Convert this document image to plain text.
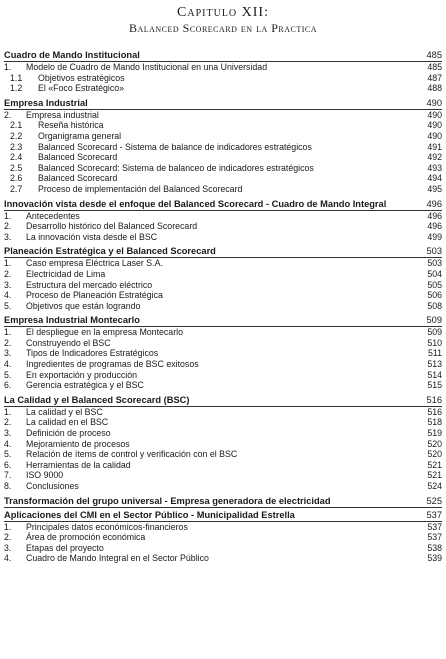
Capitulo XII:
Balanced Scorecard en la Practica
Cuadro de Mando Institucional	485
1.	Modelo de Cuadro de Mando Institucional en una Universidad	485
1.1	Objetivos estratégicos	487
1.2	El «Foco Estratégico»	488
Empresa Industrial	490
2.	Empresa industrial	490
2.1	Reseña histórica	490
2.2	Organigrama general	490
2.3	Balanced Scorecard - Sistema de balance de indicadores estratégicos	491
2.4	Balanced Scorecard	492
2.5	Balanced Scorecard: Sistema de balanceo de indicadores estratégicos	493
2.6	Balanced Scorecard	494
2.7	Proceso de implementación del Balanced Scorecard	495
Innovación vista desde el enfoque del Balanced Scorecard - Cuadro de Mando Integral	496
1.	Antecedentes	496
2.	Desarrollo histórico del Balanced Scorecard	496
3.	La innovación vista desde el BSC	499
Planeación Estratégica y el Balanced Scorecard	503
1.	Caso empresa Eléctrica Laser S.A.	503
2.	Electricidad de Lima	504
3.	Estructura del mercado eléctrico	505
4.	Proceso de Planeación Estratégica	506
5.	Objetivos que están logrando	508
Empresa Industrial Montecarlo	509
1.	El despliegue en la empresa Montecarlo	509
2.	Construyendo el BSC	510
3.	Tipos de Indicadores Estratégicos	511
4.	Ingredientes de programas de BSC exitosos	513
5.	En exportación y producción	514
6.	Gerencia estratégica y el BSC	515
La Calidad y el Balanced Scorecard (BSC)	516
1.	La calidad y el BSC	516
2.	La calidad en el BSC	518
3.	Definición de proceso	519
4.	Mejoramiento de procesos	520
5.	Relación de ítems de control y verificación con el BSC	520
6.	Herramientas de la calidad	521
7.	ISO 9000	521
8.	Conclusiones	524
Transformación del grupo universal - Empresa generadora de electricidad	525
Aplicaciones del CMI en el Sector Público - Municipalidad Estrella	537
1.	Principales datos económicos-financieros	537
2.	Área de promoción económica	537
3.	Etapas del proyecto	538
4.	Cuadro de Mando Integral en el Sector Público	539
